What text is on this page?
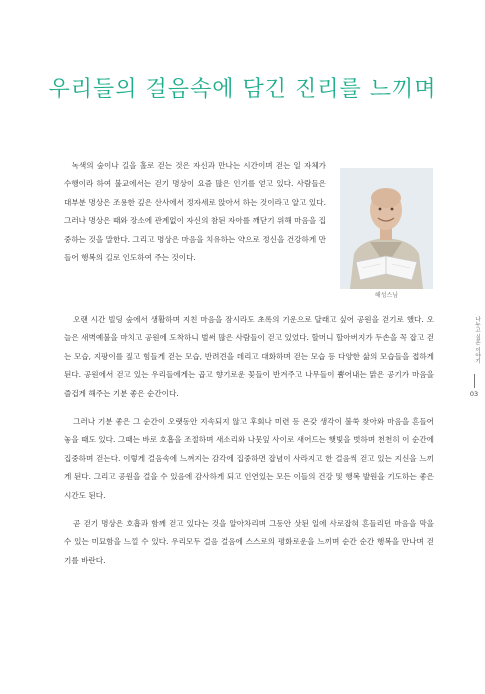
우리들의 걸음속에 담긴 진리를 느끼며

녹색의 숲이나 길을 홀로 걷는 것은 자신과 만나는 시간이며 걷는 일 자체가 수행이라 하여 불교에서는 걷기 명상이 요즘 많은 인기를 얻고 있다. 사람들은 대부분 명상은 조용한 깊은 산사에서 정자세로 앉아서 하는 것이라고 알고 있다. 그러나 명상은 때와 장소에 관계없이 자신의 참된 자아를 깨닫기 위해 마음을 집중하는 것을 말한다. 그리고 명상은 마음을 치유하는 약으로 정신을 건강하게 만들어 행복의 길로 인도하여 주는 것이다.

해성스님

오랜 시간 빌딩 숲에서 생활하며 지친 마음을 잠시라도 초록의 기운으로 달래고 싶어 공원을 걷기로 했다. 오늘은 새벽예불을 마치고 공원에 도착하니 벌써 많은 사람들이 걷고 있었다. 할머니 할아버지가 두손을 꼭 잡고 걷는 모습, 지팡이를 짚고 힘들게 걷는 모습, 반려견을 데리고 대화하며 걷는 모습 등 다양한 삶의 모습들을 접하게 된다. 공원에서 걷고 있는 우리들에게는 곱고 향기로운 꽃들이 반겨주고 나무들이 뿜어내는 맑은 공기가 마음을 즐겁게 해주는 기분 좋은 순간이다.

그러나 기분 좋은 그 순간이 오랫동안 지속되지 않고 후회나 미련 등 온갖 생각이 불쑥 찾아와 마음을 흔들어 놓을 때도 있다. 그때는 바로 호흡을 조절하며 새소리와 나뭇잎 사이로 새어드는 햇빛을 벗하며 천천히 이 순간에 집중하며 걷는다. 이렇게 걸음속에 느껴지는 감각에 집중하면 잡념이 사라지고 한 걸음씩 걷고 있는 지신을 느끼게 된다. 그리고 공원을 걸을 수 있음에 감사하게 되고 인연있는 모든 이들의 건강 및 행복 발원을 기도하는 좋은 시간도 된다.

곧 걷기 명상은 호흡과 함께 걷고 있다는 것을 알아차리며 그동안 삿된 일에 사로잡혀 흔들리던 마음을 막을 수 있는 미묘함을 느낄 수 있다. 우리모두 걸음 걸음에 스스로의 평화로운을 느끼며 순간 순간 행복을 만나며 걷기를 바란다.

나누고 싶은 이야기
03
